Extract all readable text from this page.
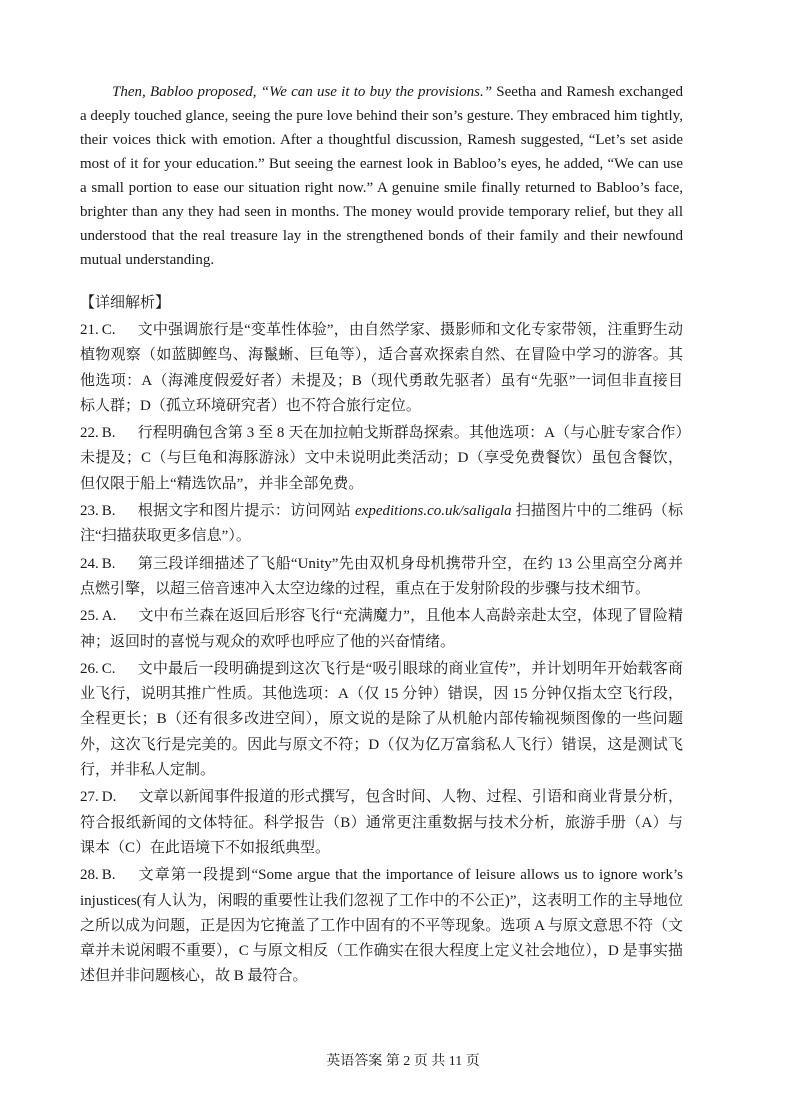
Then, Babloo proposed, “We can use it to buy the provisions.” Seetha and Ramesh exchanged a deeply touched glance, seeing the pure love behind their son’s gesture. They embraced him tightly, their voices thick with emotion. After a thoughtful discussion, Ramesh suggested, “Let’s set aside most of it for your education.” But seeing the earnest look in Babloo’s eyes, he added, “We can use a small portion to ease our situation right now.” A genuine smile finally returned to Babloo’s face, brighter than any they had seen in months. The money would provide temporary relief, but they all understood that the real treasure lay in the strengthened bonds of their family and their newfound mutual understanding.

【详细解析】

21. C. 文中强调旅行是“变革性体验”，由自然学家、摄影师和文化专家带领，注重野生动植物观察（如蓝脚鲣鸟、海鬣蜥、巨龟等），适合喜欢探索自然、在冒险中学习的游客。其他选项：A（海滩度假爱好者）未提及；B（现代勇敢先驱者）虽有“先驱”一词但非直接目标人群；D（孤立环境研究者）也不符合旅行定位。

22. B. 行程明确包含第 3 至 8 天在加拉帕戈斯群岛探索。其他选项：A（与心脏专家合作）未提及；C（与巨龟和海豚游泳）文中未说明此类活动；D（享受免费餐饮）虽包含餐饮，但仅限于船上“精选饮品”，并非全部免费。

23. B. 根据文字和图片提示：访问网站 expeditions.co.uk/saligala 扫描图片中的二维码（标注“扫描获取更多信息”）。

24. B. 第三段详细描述了飞船“Unity”先由双机身母机携带升空，在约 13 公里高空分离并点燃引擎，以超三倍音速冲入太空边缘的过程，重点在于发射阶段的步骤与技术细节。

25. A. 文中布兰森在返回后形容飞行“充满魔力”，且他本人高龄亲赴太空，体现了冒险精神；返回时的喜悦与观众的欢呼也呼应了他的兴奋情绪。

26. C. 文中最后一段明确提到这次飞行是“吸引眼球的商业宣传”，并计划明年开始载客商业飞行，说明其推广性质。其他选项：A（仅 15 分钟）错误，因 15 分钟仅指太空飞行段，全程更长；B（还有很多改进空间），原文说的是除了从机舱内部传输视频图像的一些问题外，这次飞行是完美的。因此与原文不符；D（仅为亿万富翁私人飞行）错误，这是测试飞行，并非私人定制。

27. D. 文章以新闻事件报道的形式撰写，包含时间、人物、过程、引语和商业背景分析，符合报纸新闻的文体特征。科学报告（B）通常更注重数据与技术分析，旅游手册（A）与课本（C）在此语境下不如报纸典型。

28. B. 文章第一段提到“Some argue that the importance of leisure allows us to ignore work’s injustices(有人认为，闲暇的重要性让我们忽视了工作中的不公正)”，这表明工作的主导地位之所以成为问题，正是因为它掩盖了工作中固有的不平等现象。选项 A 与原文意思不符（文章并未说闲暇不重要），C 与原文相反（工作确实在很大程度上定义社会地位），D 是事实描述但并非问题核心，故 B 最符合。

英语答案 第 2 页 共 11 页
